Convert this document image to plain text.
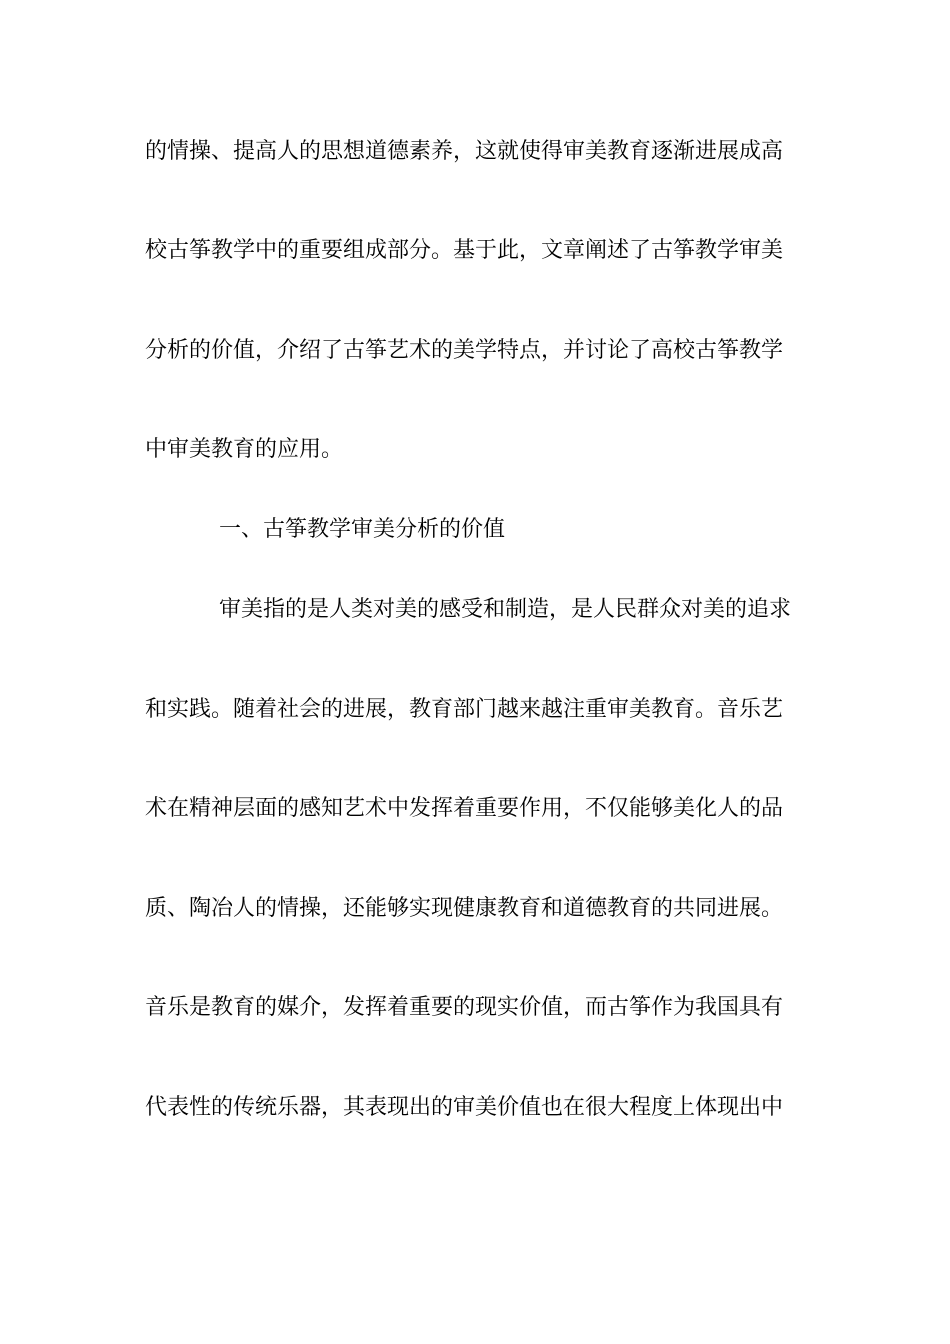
的情操、提高人的思想道德素养，这就使得审美教育逐渐进展成高
校古筝教学中的重要组成部分。基于此，文章阐述了古筝教学审美
分析的价值，介绍了古筝艺术的美学特点，并讨论了高校古筝教学
中审美教育的应用。
一、古筝教学审美分析的价值
审美指的是人类对美的感受和制造，是人民群众对美的追求
和实践。随着社会的进展，教育部门越来越注重审美教育。音乐艺
术在精神层面的感知艺术中发挥着重要作用，不仅能够美化人的品
质、陶冶人的情操，还能够实现健康教育和道德教育的共同进展。
音乐是教育的媒介，发挥着重要的现实价值，而古筝作为我国具有
代表性的传统乐器，其表现出的审美价值也在很大程度上体现出中
